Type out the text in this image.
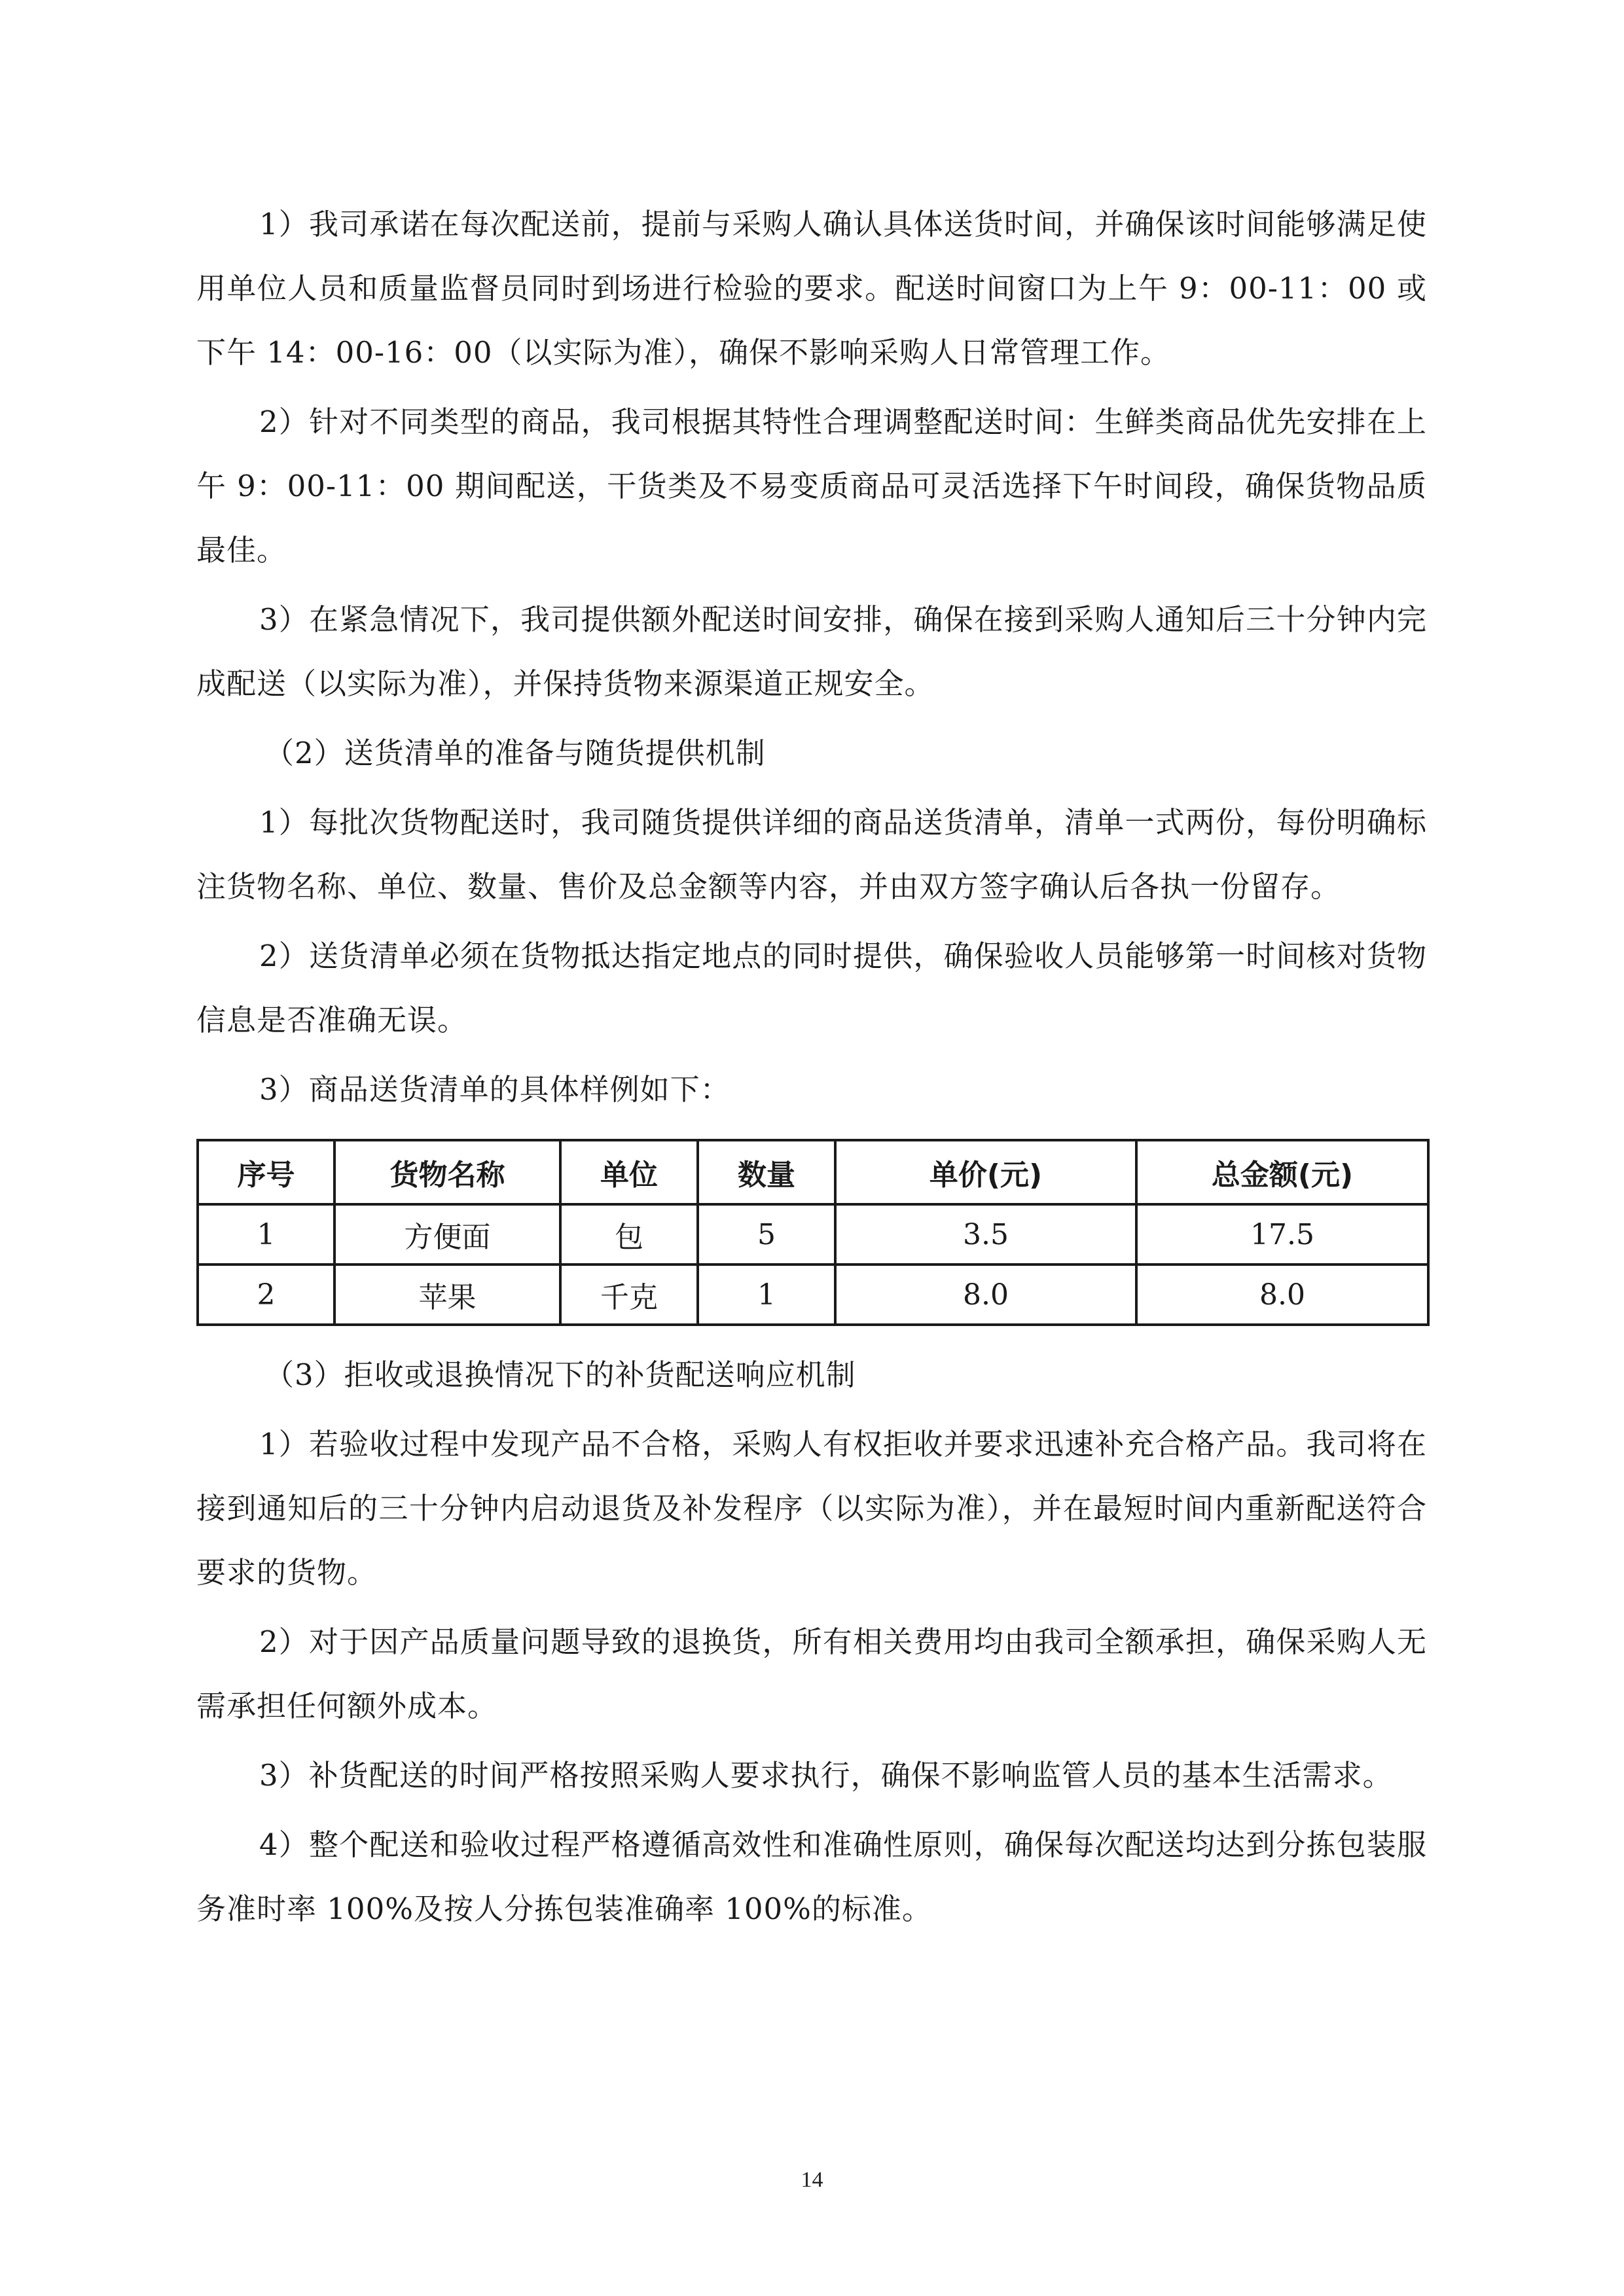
1）我司承诺在每次配送前，提前与采购人确认具体送货时间，并确保该时间能够满足使用单位人员和质量监督员同时到场进行检验的要求。配送时间窗口为上午 9：00-11：00 或下午 14：00-16：00（以实际为准），确保不影响采购人日常管理工作。

2）针对不同类型的商品，我司根据其特性合理调整配送时间：生鲜类商品优先安排在上午 9：00-11：00 期间配送，干货类及不易变质商品可灵活选择下午时间段，确保货物品质最佳。

3）在紧急情况下，我司提供额外配送时间安排，确保在接到采购人通知后三十分钟内完成配送（以实际为准），并保持货物来源渠道正规安全。

（2）送货清单的准备与随货提供机制

1）每批次货物配送时，我司随货提供详细的商品送货清单，清单一式两份，每份明确标注货物名称、单位、数量、售价及总金额等内容，并由双方签字确认后各执一份留存。

2）送货清单必须在货物抵达指定地点的同时提供，确保验收人员能够第一时间核对货物信息是否准确无误。

3）商品送货清单的具体样例如下：

序号	货物名称	单位	数量	单价(元)	总金额(元)
1	方便面	包	5	3.5	17.5
2	苹果	千克	1	8.0	8.0

（3）拒收或退换情况下的补货配送响应机制

1）若验收过程中发现产品不合格，采购人有权拒收并要求迅速补充合格产品。我司将在接到通知后的三十分钟内启动退货及补发程序（以实际为准），并在最短时间内重新配送符合要求的货物。

2）对于因产品质量问题导致的退换货，所有相关费用均由我司全额承担，确保采购人无需承担任何额外成本。

3）补货配送的时间严格按照采购人要求执行，确保不影响监管人员的基本生活需求。

4）整个配送和验收过程严格遵循高效性和准确性原则，确保每次配送均达到分拣包装服务准时率 100%及按人分拣包装准确率 100%的标准。

14
